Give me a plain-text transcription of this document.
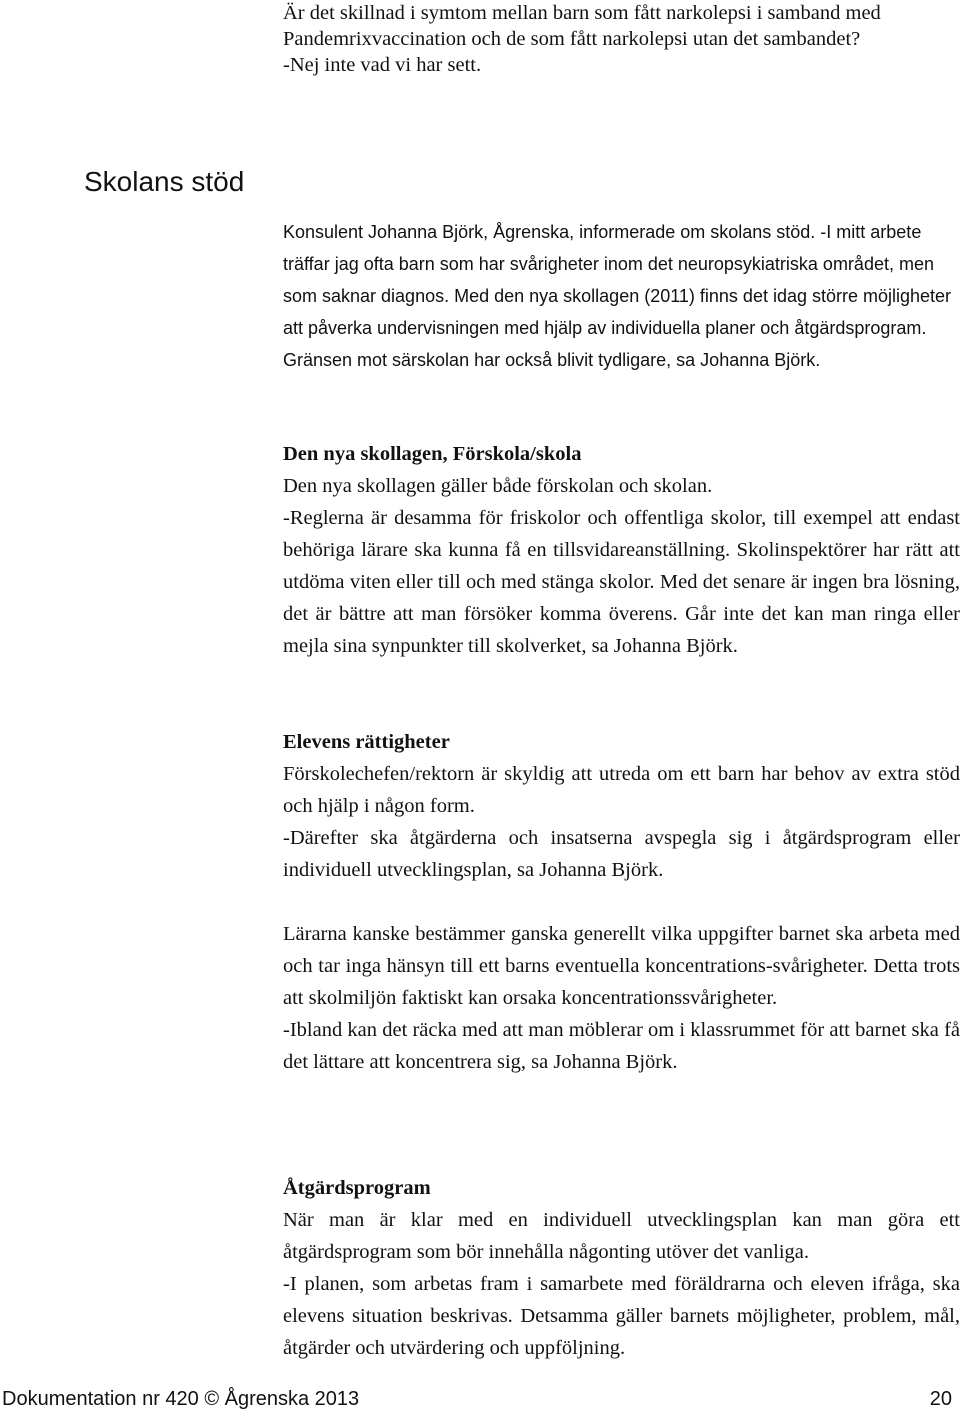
Är det skillnad i symtom mellan barn som fått narkolepsi i samband med Pandemrixvaccination och de som fått narkolepsi utan det sambandet?

-Nej inte vad vi har sett.

Skolans stöd

Konsulent Johanna Björk, Ågrenska, informerade om skolans stöd. -I mitt arbete träffar jag ofta barn som har svårigheter inom det neuropsykiatriska området, men som saknar diagnos. Med den nya skollagen (2011) finns det idag större möjligheter att påverka undervisningen med hjälp av individuella planer och åtgärdsprogram. Gränsen mot särskolan har också blivit tydligare, sa Johanna Björk.

Den nya skollagen, Förskola/skola

Den nya skollagen gäller både förskolan och skolan.

-Reglerna är desamma för friskolor och offentliga skolor, till exempel att endast behöriga lärare ska kunna få en tillsvidareanställning. Skolinspektörer har rätt att utdöma viten eller till och med stänga skolor. Med det senare är ingen bra lösning, det är bättre att man försöker komma överens. Går inte det kan man ringa eller mejla sina synpunkter till skolverket, sa Johanna Björk.

Elevens rättigheter

Förskolechefen/rektorn är skyldig att utreda om ett barn har behov av extra stöd och hjälp i någon form.

-Därefter ska åtgärderna och insatserna avspegla sig i åtgärdsprogram eller individuell utvecklingsplan, sa Johanna Björk.

Lärarna kanske bestämmer ganska generellt vilka uppgifter barnet ska arbeta med och tar inga hänsyn till ett barns eventuella koncentrations-svårigheter. Detta trots att skolmiljön faktiskt kan orsaka koncentrationssvårigheter.

-Ibland kan det räcka med att man möblerar om i klassrummet för att barnet ska få det lättare att koncentrera sig, sa Johanna Björk.

Åtgärdsprogram

När man är klar med en individuell utvecklingsplan kan man göra ett åtgärdsprogram som bör innehålla någonting utöver det vanliga.

-I planen, som arbetas fram i samarbete med föräldrarna och eleven ifråga, ska elevens situation beskrivas. Detsamma gäller barnets möjligheter, problem, mål, åtgärder och utvärdering och uppföljning.

Dokumentation nr 420 © Ågrenska 2013	20
